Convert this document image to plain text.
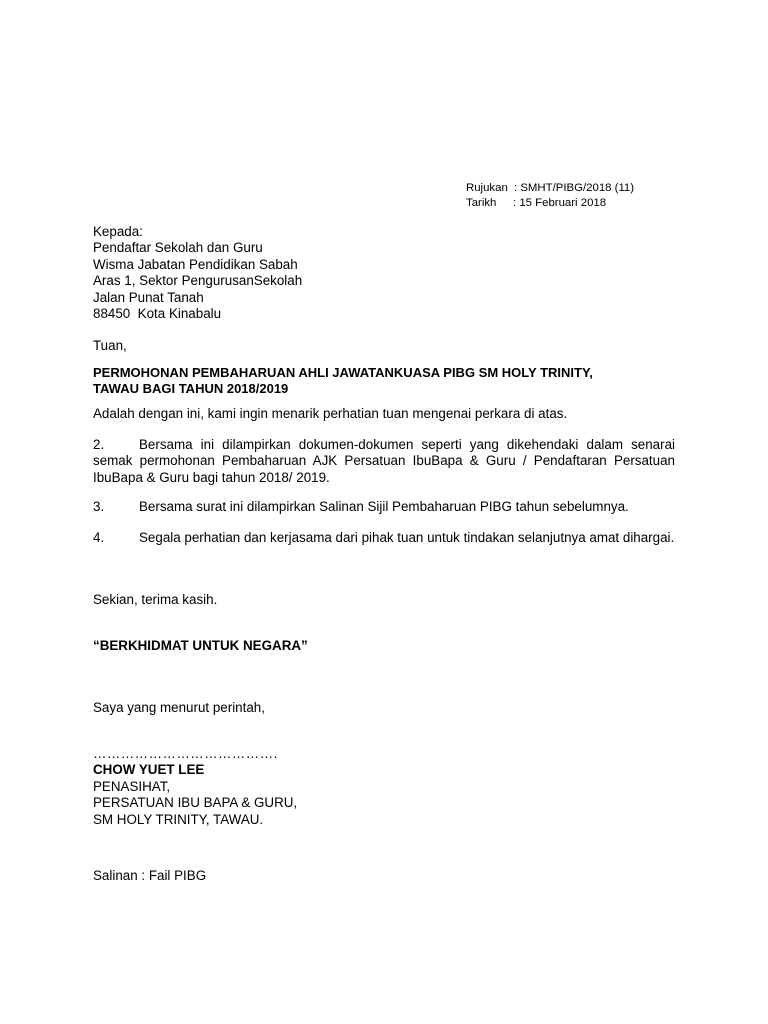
Rujukan : SMHT/PIBG/2018 (11)
Tarikh	: 15 Februari 2018
Kepada:
Pendaftar Sekolah dan Guru
Wisma Jabatan Pendidikan Sabah
Aras 1, Sektor PengurusanSekolah
Jalan Punat Tanah
88450  Kota Kinabalu
Tuan,
PERMOHONAN PEMBAHARUAN AHLI JAWATANKUASA PIBG SM HOLY TRINITY,
TAWAU BAGI TAHUN 2018/2019
Adalah dengan ini, kami ingin menarik perhatian tuan mengenai perkara di atas.
2.	Bersama ini dilampirkan dokumen-dokumen seperti yang dikehendaki dalam senarai semak permohonan Pembaharuan AJK Persatuan IbuBapa & Guru / Pendaftaran Persatuan IbuBapa & Guru bagi tahun 2018/ 2019.
3.	Bersama surat ini dilampirkan Salinan Sijil Pembaharuan PIBG tahun sebelumnya.
4.	Segala perhatian dan kerjasama dari pihak tuan untuk tindakan selanjutnya amat dihargai.
Sekian, terima kasih.
“BERKHIDMAT UNTUK NEGARA”
Saya yang menurut perintah,
………………………………….
CHOW YUET LEE
PENASIHAT,
PERSATUAN IBU BAPA & GURU,
SM HOLY TRINITY, TAWAU.
Salinan : Fail PIBG
